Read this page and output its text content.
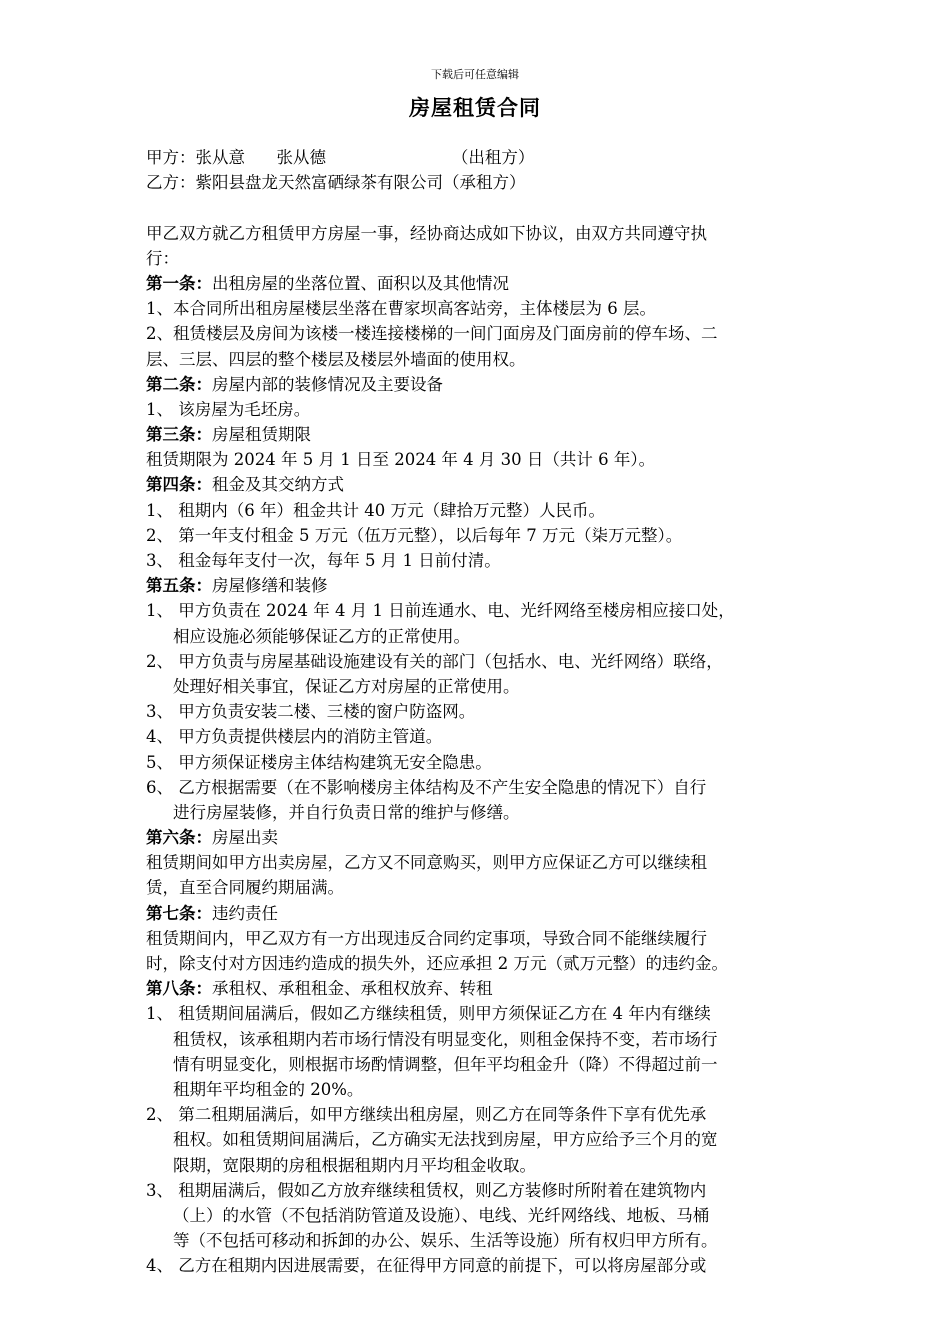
下载后可任意编辑
房屋租赁合同
甲方：张从意      张从德                        （出租方）
乙方：紫阳县盘龙天然富硒绿茶有限公司（承租方）
甲乙双方就乙方租赁甲方房屋一事，经协商达成如下协议，由双方共同遵守执
行：
第一条：出租房屋的坐落位置、面积以及其他情况
1、本合同所出租房屋楼层坐落在曹家坝高客站旁，主体楼层为 6 层。
2、租赁楼层及房间为该楼一楼连接楼梯的一间门面房及门面房前的停车场、二
层、三层、四层的整个楼层及楼层外墙面的使用权。
第二条：房屋内部的装修情况及主要设备
1、 该房屋为毛坯房。
第三条：房屋租赁期限
租赁期限为 2024 年 5 月 1 日至 2024 年 4 月 30 日（共计 6 年）。
第四条：租金及其交纳方式
1、 租期内（6 年）租金共计 40 万元（肆拾万元整）人民币。
2、 第一年支付租金 5 万元（伍万元整），以后每年 7 万元（柒万元整）。
3、 租金每年支付一次，每年 5 月 1 日前付清。
第五条：房屋修缮和装修
1、 甲方负责在 2024 年 4 月 1 日前连通水、电、光纤网络至楼房相应接口处，
相应设施必须能够保证乙方的正常使用。
2、 甲方负责与房屋基础设施建设有关的部门（包括水、电、光纤网络）联络，
处理好相关事宜，保证乙方对房屋的正常使用。
3、 甲方负责安装二楼、三楼的窗户防盗网。
4、 甲方负责提供楼层内的消防主管道。
5、 甲方须保证楼房主体结构建筑无安全隐患。
6、 乙方根据需要（在不影响楼房主体结构及不产生安全隐患的情况下）自行
进行房屋装修，并自行负责日常的维护与修缮。
第六条：房屋出卖
租赁期间如甲方出卖房屋，乙方又不同意购买，则甲方应保证乙方可以继续租
赁，直至合同履约期届满。
第七条：违约责任
租赁期间内，甲乙双方有一方出现违反合同约定事项，导致合同不能继续履行
时，除支付对方因违约造成的损失外，还应承担 2 万元（贰万元整）的违约金。
第八条：承租权、承租租金、承租权放弃、转租
1、 租赁期间届满后，假如乙方继续租赁，则甲方须保证乙方在 4 年内有继续
租赁权，该承租期内若市场行情没有明显变化，则租金保持不变，若市场行
情有明显变化，则根据市场酌情调整，但年平均租金升（降）不得超过前一
租期年平均租金的 20%。
2、 第二租期届满后，如甲方继续出租房屋，则乙方在同等条件下享有优先承
租权。如租赁期间届满后，乙方确实无法找到房屋，甲方应给予三个月的宽
限期，宽限期的房租根据租期内月平均租金收取。
3、 租期届满后，假如乙方放弃继续租赁权，则乙方装修时所附着在建筑物内
（上）的水管（不包括消防管道及设施）、电线、光纤网络线、地板、马桶
等（不包括可移动和拆卸的办公、娱乐、生活等设施）所有权归甲方所有。
4、 乙方在租期内因进展需要，在征得甲方同意的前提下，可以将房屋部分或
